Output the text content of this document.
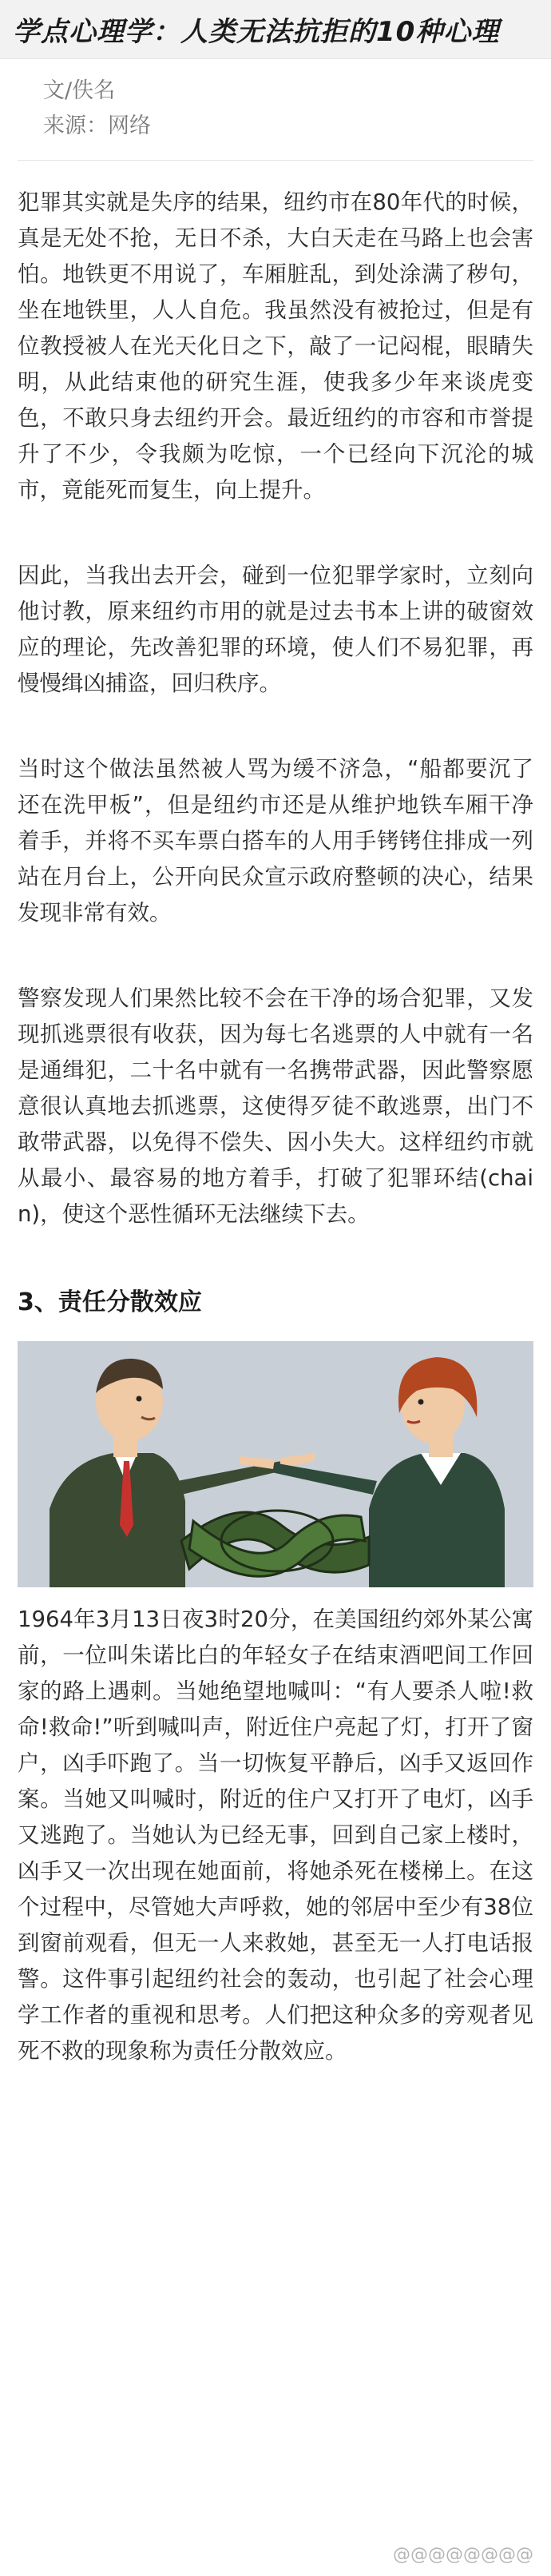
学点心理学：人类无法抗拒的10种心理
文/佚名
来源：网络

犯罪其实就是失序的结果，纽约市在80年代的时候，真是无处不抢，无日不杀，大白天走在马路上也会害怕。地铁更不用说了，车厢脏乱，到处涂满了秽句，坐在地铁里，人人自危。我虽然没有被抢过，但是有位教授被人在光天化日之下，敲了一记闷棍，眼睛失明，从此结束他的研究生涯，使我多少年来谈虎变色，不敢只身去纽约开会。最近纽约的市容和市誉提升了不少，令我颇为吃惊，一个已经向下沉沦的城市，竟能死而复生，向上提升。

因此，当我出去开会，碰到一位犯罪学家时，立刻向他讨教，原来纽约市用的就是过去书本上讲的破窗效应的理论，先改善犯罪的环境，使人们不易犯罪，再慢慢缉凶捕盗，回归秩序。

当时这个做法虽然被人骂为缓不济急，“船都要沉了还在洗甲板”，但是纽约市还是从维护地铁车厢干净着手，并将不买车票白搭车的人用手铐铐住排成一列站在月台上，公开向民众宣示政府整顿的决心，结果发现非常有效。

警察发现人们果然比较不会在干净的场合犯罪，又发现抓逃票很有收获，因为每七名逃票的人中就有一名是通缉犯，二十名中就有一名携带武器，因此警察愿意很认真地去抓逃票，这使得歹徒不敢逃票，出门不敢带武器，以免得不偿失、因小失大。这样纽约市就从最小、最容易的地方着手，打破了犯罪环结(chain)，使这个恶性循环无法继续下去。

3、责任分散效应

1964年3月13日夜3时20分，在美国纽约郊外某公寓前，一位叫朱诺比白的年轻女子在结束酒吧间工作回家的路上遇刺。当她绝望地喊叫：“有人要杀人啦!救命!救命!”听到喊叫声，附近住户亮起了灯，打开了窗户，凶手吓跑了。当一切恢复平静后，凶手又返回作案。当她又叫喊时，附近的住户又打开了电灯，凶手又逃跑了。当她认为已经无事，回到自己家上楼时，凶手又一次出现在她面前，将她杀死在楼梯上。在这个过程中，尽管她大声呼救，她的邻居中至少有38位到窗前观看，但无一人来救她，甚至无一人打电话报警。这件事引起纽约社会的轰动，也引起了社会心理学工作者的重视和思考。人们把这种众多的旁观者见死不救的现象称为责任分散效应。

@@@@@@@@
